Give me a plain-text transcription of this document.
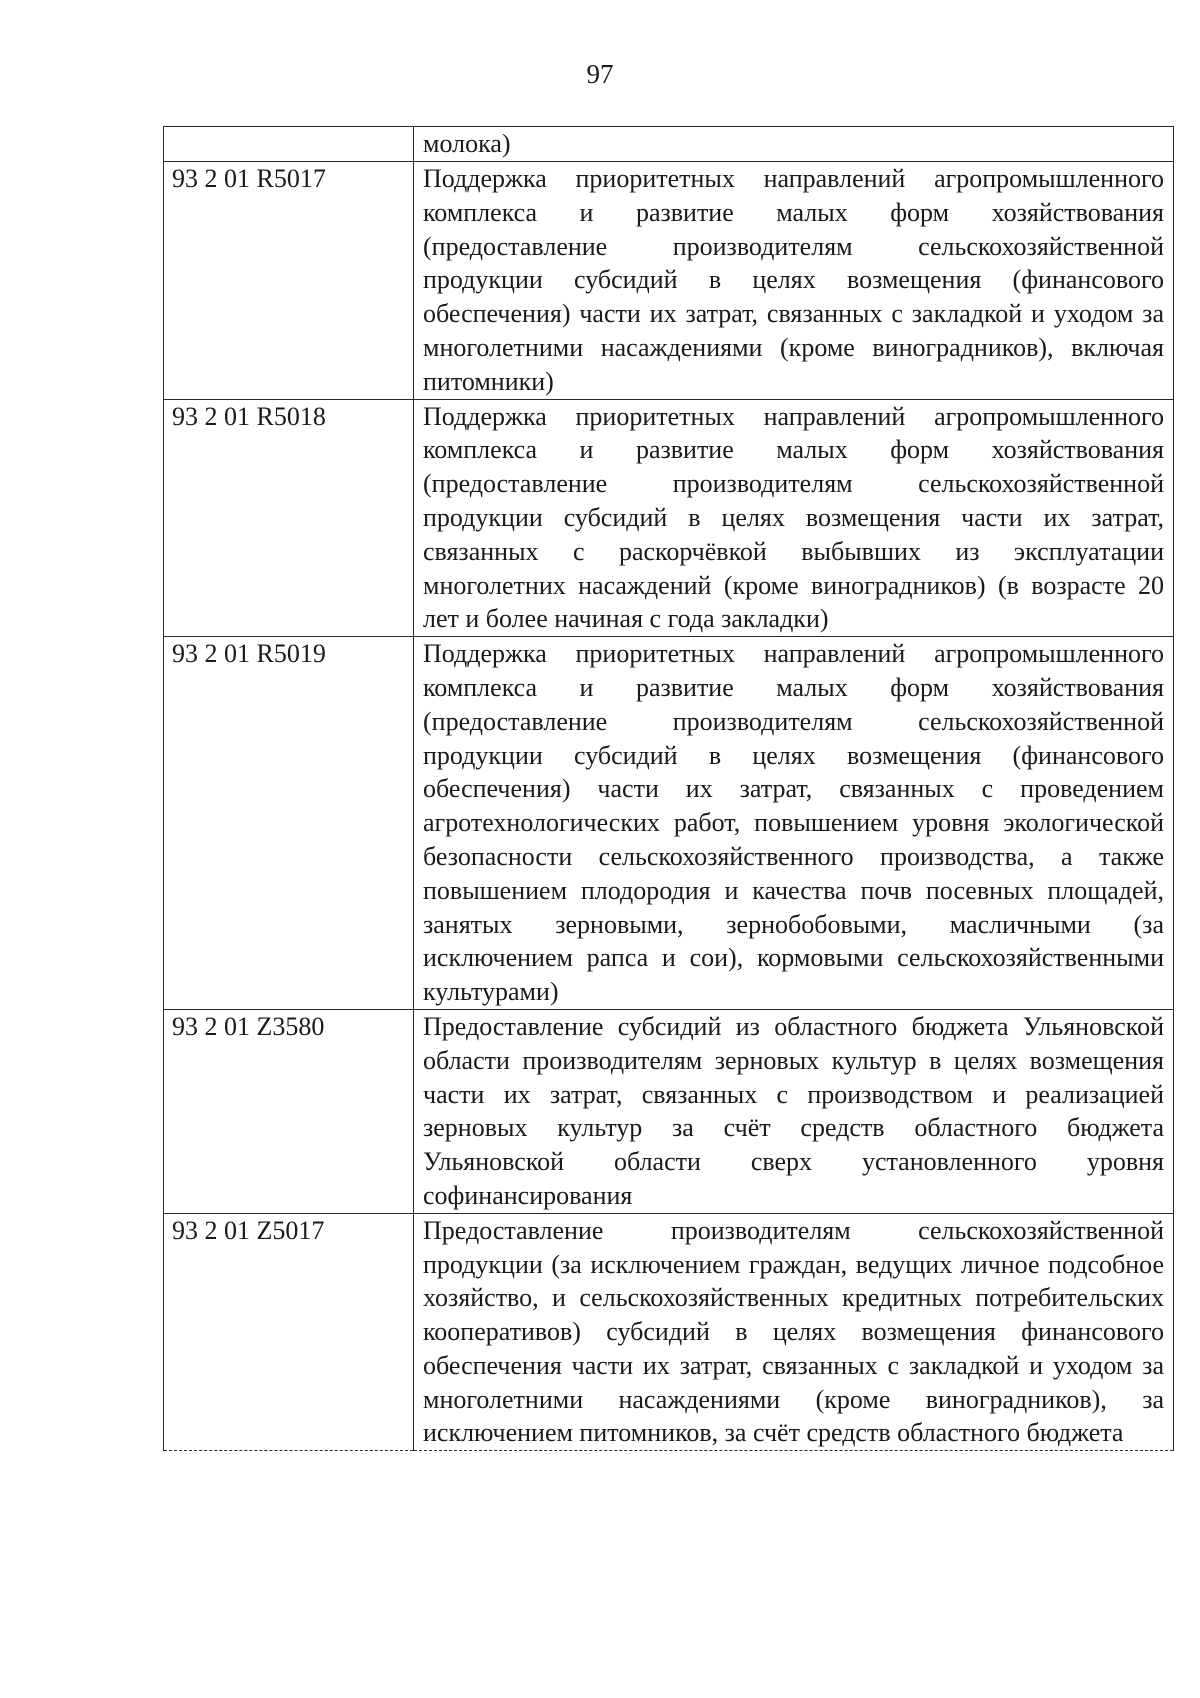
97
	молока)
93 2 01 R5017	Поддержка приоритетных направлений агропромышленного комплекса и развитие малых форм хозяйствования (предоставление производителям сельскохозяйственной продукции субсидий в целях возмещения (финансового обеспечения) части их затрат, связанных с закладкой и уходом за многолетними насаждениями (кроме виноградников), включая питомники)
93 2 01 R5018	Поддержка приоритетных направлений агропромышленного комплекса и развитие малых форм хозяйствования (предоставление производителям сельскохозяйственной продукции субсидий в целях возмещения части их затрат, связанных с раскорчёвкой выбывших из эксплуатации многолетних насаждений (кроме виноградников) (в возрасте 20 лет и более начиная с года закладки)
93 2 01 R5019	Поддержка приоритетных направлений агропромышленного комплекса и развитие малых форм хозяйствования (предоставление производителям сельскохозяйственной продукции субсидий в целях возмещения (финансового обеспечения) части их затрат, связанных с проведением агротехнологических работ, повышением уровня экологической безопасности сельскохозяйственного производства, а также повышением плодородия и качества почв посевных площадей, занятых зерновыми, зернобобовыми, масличными (за исключением рапса и сои), кормовыми сельскохозяйственными культурами)
93 2 01 Z3580	Предоставление субсидий из областного бюджета Ульяновской области производителям зерновых культур в целях возмещения части их затрат, связанных с производством и реализацией зерновых культур за счёт средств областного бюджета Ульяновской области сверх установленного уровня софинансирования
93 2 01 Z5017	Предоставление производителям сельскохозяйственной продукции (за исключением граждан, ведущих личное подсобное хозяйство, и сельскохозяйственных кредитных потребительских кооперативов) субсидий в целях возмещения финансового обеспечения части их затрат, связанных с закладкой и уходом за многолетними насаждениями (кроме виноградников), за исключением питомников, за счёт средств областного бюджета
